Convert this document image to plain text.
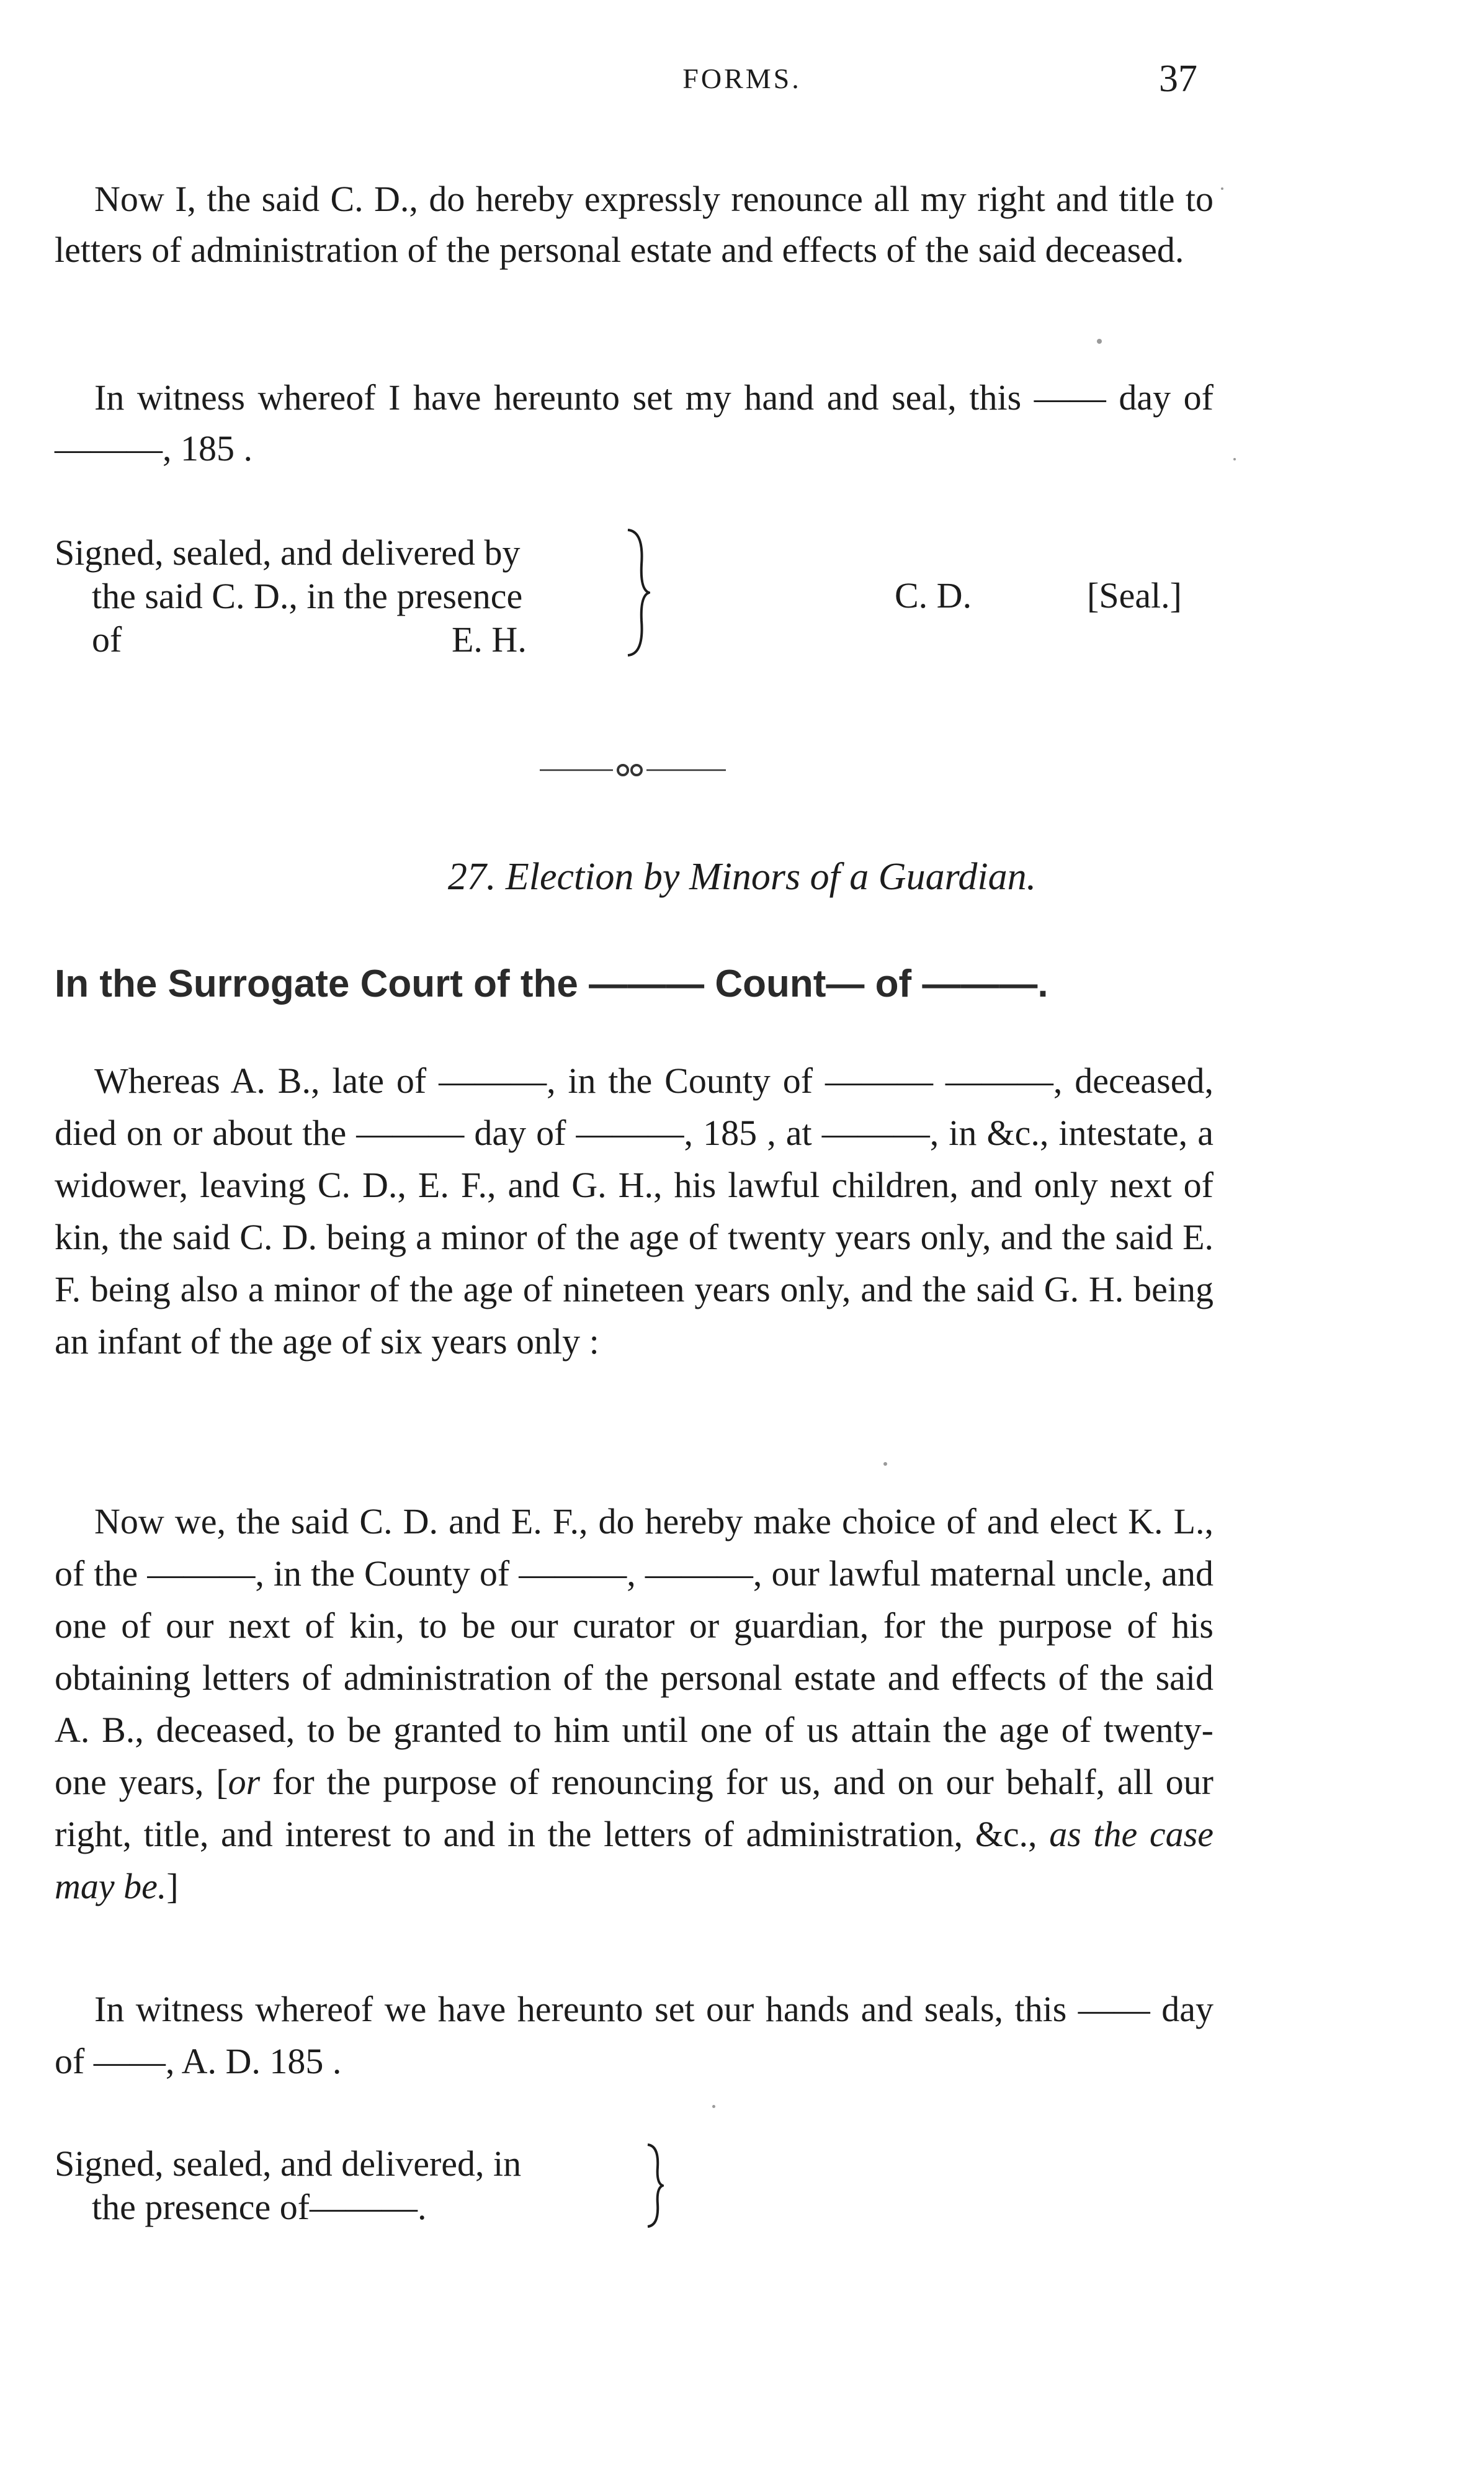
FORMS.	37
Now I, the said C. D., do hereby expressly renounce all my right and title to letters of administration of the personal estate and effects of the said deceased.
In witness whereof I have hereunto set my hand and seal, this —— day of ———, 185 .
Signed, sealed, and delivered by
the said C. D., in the presence
of	E. H.
C. D.	[Seal.]
27. Election by Minors of a Guardian.
In the Surrogate Court of the ——— Count— of ———.
Whereas A. B., late of ———, in the County of ——— ———, deceased, died on or about the ——— day of ———, 185 , at ———, in &c., intestate, a widower, leaving C. D., E. F., and G. H., his lawful children, and only next of kin, the said C. D. being a minor of the age of twenty years only, and the said E. F. being also a minor of the age of nineteen years only, and the said G. H. being an infant of the age of six years only :
Now we, the said C. D. and E. F., do hereby make choice of and elect K. L., of the ———, in the County of ———, ———, our lawful maternal uncle, and one of our next of kin, to be our curator or guardian, for the purpose of his obtaining letters of administration of the personal estate and effects of the said A. B., deceased, to be granted to him until one of us attain the age of twenty-one years, [or for the purpose of renouncing for us, and on our behalf, all our right, title, and interest to and in the letters of administration, &c., as the case may be.]
In witness whereof we have hereunto set our hands and seals, this —— day of ——, A. D. 185 .
Signed, sealed, and delivered, in
the presence of———.
